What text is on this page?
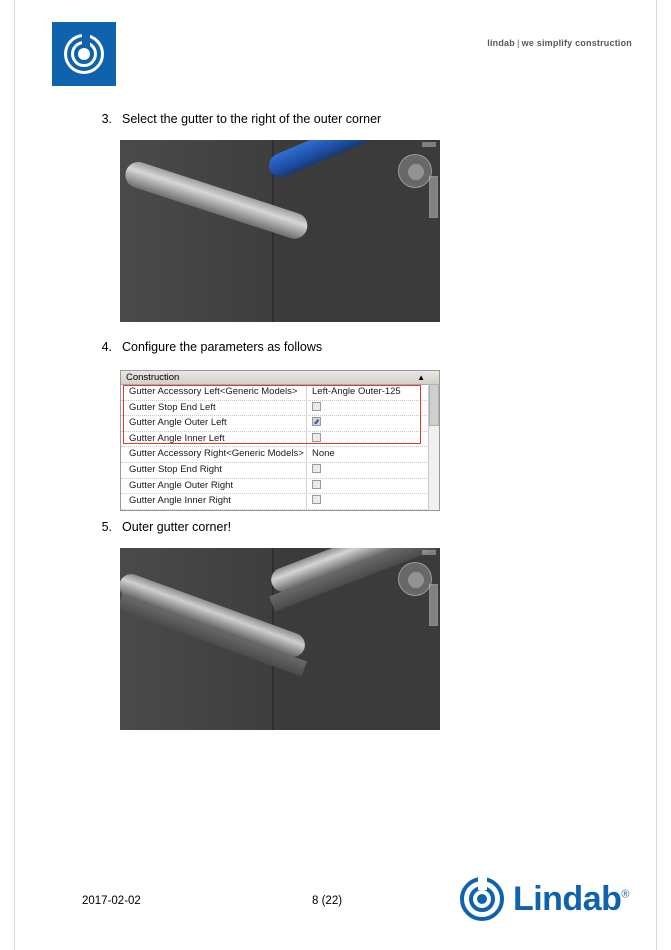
lindab | we simplify construction
3. Select the gutter to the right of the outer corner
4. Configure the parameters as follows
Construction	▲
Gutter Accessory Left<Generic Models>	Left-Angle Outer-125
Gutter Stop End Left
Gutter Angle Outer Left
Gutter Angle Inner Left
Gutter Accessory Right<Generic Models> None
Gutter Stop End Right
Gutter Angle Outer Right
Gutter Angle Inner Right
5. Outer gutter corner!
2017-02-02	8 (22)	Lindab®
